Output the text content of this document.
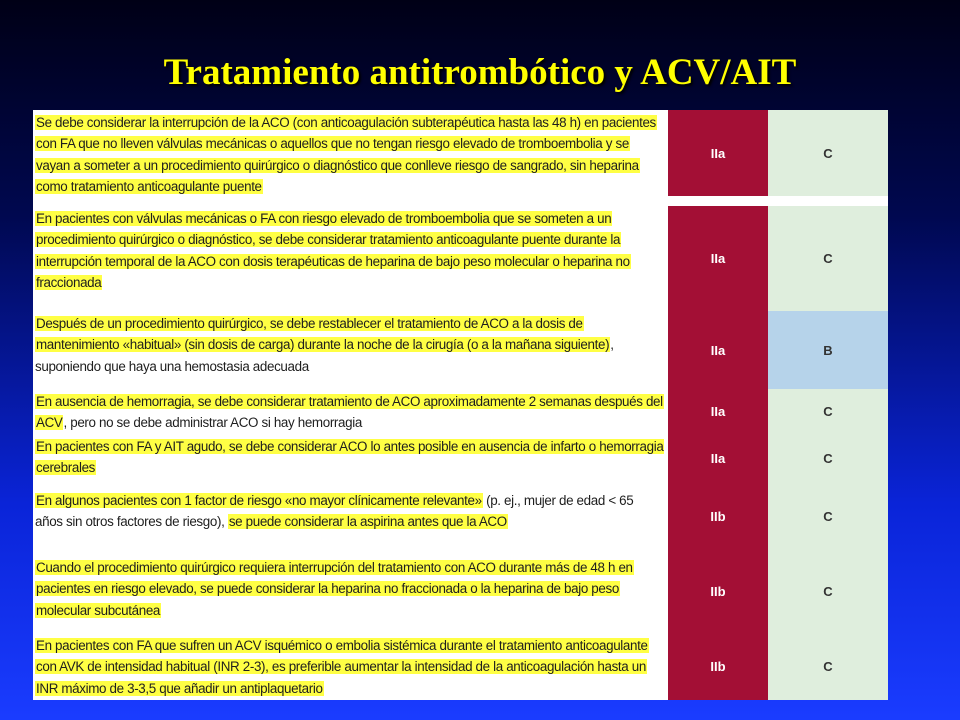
Tratamiento antitrombótico y ACV/AIT
Se debe considerar la interrupción de la ACO (con anticoagulación subterapéutica hasta las 48 h) en pacientes con FA que no lleven válvulas mecánicas o aquellos que no tengan riesgo elevado de tromboembolia y se vayan a someter a un procedimiento quirúrgico o diagnóstico que conlleve riesgo de sangrado, sin heparina como tratamiento anticoagulante puente
IIa	C
En pacientes con válvulas mecánicas o FA con riesgo elevado de tromboembolia que se someten a un procedimiento quirúrgico o diagnóstico, se debe considerar tratamiento anticoagulante puente durante la interrupción temporal de la ACO con dosis terapéuticas de heparina de bajo peso molecular o heparina no fraccionada
IIa	C
Después de un procedimiento quirúrgico, se debe restablecer el tratamiento de ACO a la dosis de mantenimiento «habitual» (sin dosis de carga) durante la noche de la cirugía (o a la mañana siguiente), suponiendo que haya una hemostasia adecuada
IIa	B
En ausencia de hemorragia, se debe considerar tratamiento de ACO aproximadamente 2 semanas después del ACV, pero no se debe administrar ACO si hay hemorragia
IIa	C
En pacientes con FA y AIT agudo, se debe considerar ACO lo antes posible en ausencia de infarto o hemorragia cerebrales
IIa	C
En algunos pacientes con 1 factor de riesgo «no mayor clínicamente relevante» (p. ej., mujer de edad < 65 años sin otros factores de riesgo), se puede considerar la aspirina antes que la ACO	IIb	C
Cuando el procedimiento quirúrgico requiera interrupción del tratamiento con ACO durante más de 48 h en pacientes en riesgo elevado, se puede considerar la heparina no fraccionada o la heparina de bajo peso molecular subcutánea
IIb	C
En pacientes con FA que sufren un ACV isquémico o embolia sistémica durante el tratamiento anticoagulante con AVK de intensidad habitual (INR 2-3), es preferible aumentar la intensidad de la anticoagulación hasta un INR máximo de 3-3,5 que añadir un antiplaquetario
IIb	C
